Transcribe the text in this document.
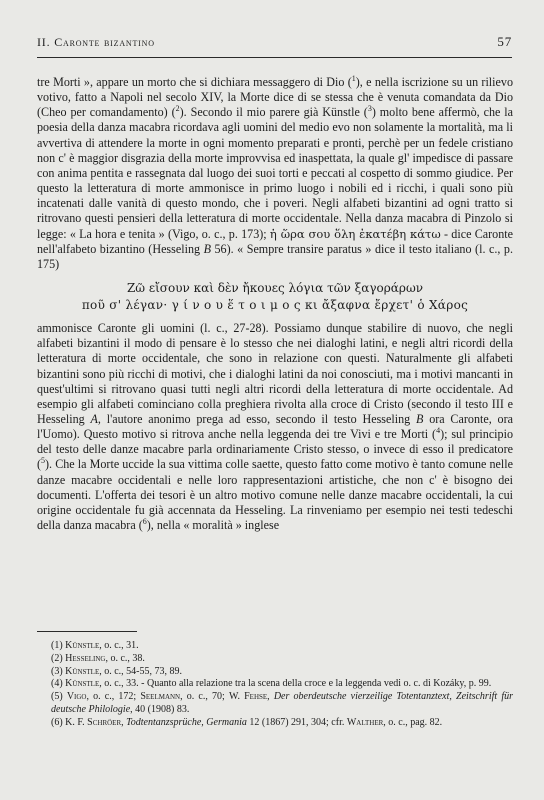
II. Caronte bizantino	57

tre Morti », appare un morto che si dichiara messaggero di Dio ($^1$), e nella iscrizione su un rilievo votivo, fatto a Napoli nel secolo XIV, la Morte dice di se stessa che è venuta comandata da Dio (Cheo per comandamento) ($^2$). Secondo il mio parere già Künstle ($^3$) molto bene affermò, che la poesia della danza macabra ricordava agli uomini del medio evo non solamente la mortalità, ma li avvertiva di attendere la morte in ogni momento preparati e pronti, perchè per un fedele cristiano non c' è maggior disgrazia della morte improvvisa ed inaspettata, la quale gl' impedisce di passare con anima pentita e rassegnata dal luogo dei suoi torti e peccati al cospetto di sommo giudice. Per questo la letteratura di morte ammonisce in primo luogo i nobili ed i ricchi, i quali sono più incatenati dalle vanità di questo mondo, che i poveri. Negli alfabeti bizantini ad ogni tratto si ritrovano questi pensieri della letteratura di morte occidentale. Nella danza macabra di Pinzolo si legge: « La hora e tenita » (Vigo, o. c., p. 173); ἡ ὥρα σου ὅλη ἐκατέβη κάτω - dice Caronte nell'alfabeto bizantino (Hesseling B 56). « Sempre transire paratus » dice il testo italiano (l. c., p. 175)

Ζῶ εἴσουν καὶ δὲν ἤκουες λόγια τῶν ξαγοράρων
ποῦ σ' λέγαν· γ ί ν ο υ ἕ τ ο ι μ ο ς κι ἄξαφνα ἔρχετ' ὁ Χάρος

ammonisce Caronte gli uomini (l. c., 27-28). Possiamo dunque stabilire di nuovo, che negli alfabeti bizantini il modo di pensare è lo stesso che nei dialoghi latini, e negli altri ricordi della letteratura di morte occidentale, che sono in relazione con questi. Naturalmente gli alfabeti bizantini sono più ricchi di motivi, che i dialoghi latini da noi conosciuti, ma i motivi mancanti in quest'ultimi si ritrovano quasi tutti negli altri ricordi della letteratura di morte occidentale. Ad esempio gli alfabeti cominciano colla preghiera rivolta alla croce di Cristo (secondo il testo III e Hesseling A, l'autore anonimo prega ad esso, secondo il testo Hesseling B ora Caronte, ora l'Uomo). Questo motivo si ritrova anche nella leggenda dei tre Vivi e tre Morti ($^4$); sul principio del testo delle danze macabre parla ordinariamente Cristo stesso, o invece di esso il predicatore ($^5$). Che la Morte uccide la sua vittima colle saette, questo fatto come motivo è tanto comune nelle danze macabre occidentali e nelle loro rappresentazioni artistiche, che non c' è bisogno dei documenti. L'offerta dei tesori è un altro motivo comune nelle danze macabre occidentali, la cui origine occidentale fu già accennata da Hesseling. La rinveniamo per esempio nei testi tedeschi della danza macabra ($^6$), nella « moralità » inglese

(1) Künstle, o. c., 31.
(2) Hesseling, o. c., 38.
(3) Künstle, o. c., 54-55, 73, 89.
(4) Künstle, o. c., 33. - Quanto alla relazione tra la scena della croce e la leggenda vedi o. c. di Kozáky, p. 99.
(5) Vigo, o. c., 172; Seelmann, o. c., 70; W. Fehse, Der oberdeutsche vierzeilige Totentanztext, Zeitschrift für deutsche Philologie, 40 (1908) 83.
(6) K. F. Schröer, Todtentanzsprüche, Germania 12 (1867) 291, 304; cfr. Walther, o. c., pag. 82.
